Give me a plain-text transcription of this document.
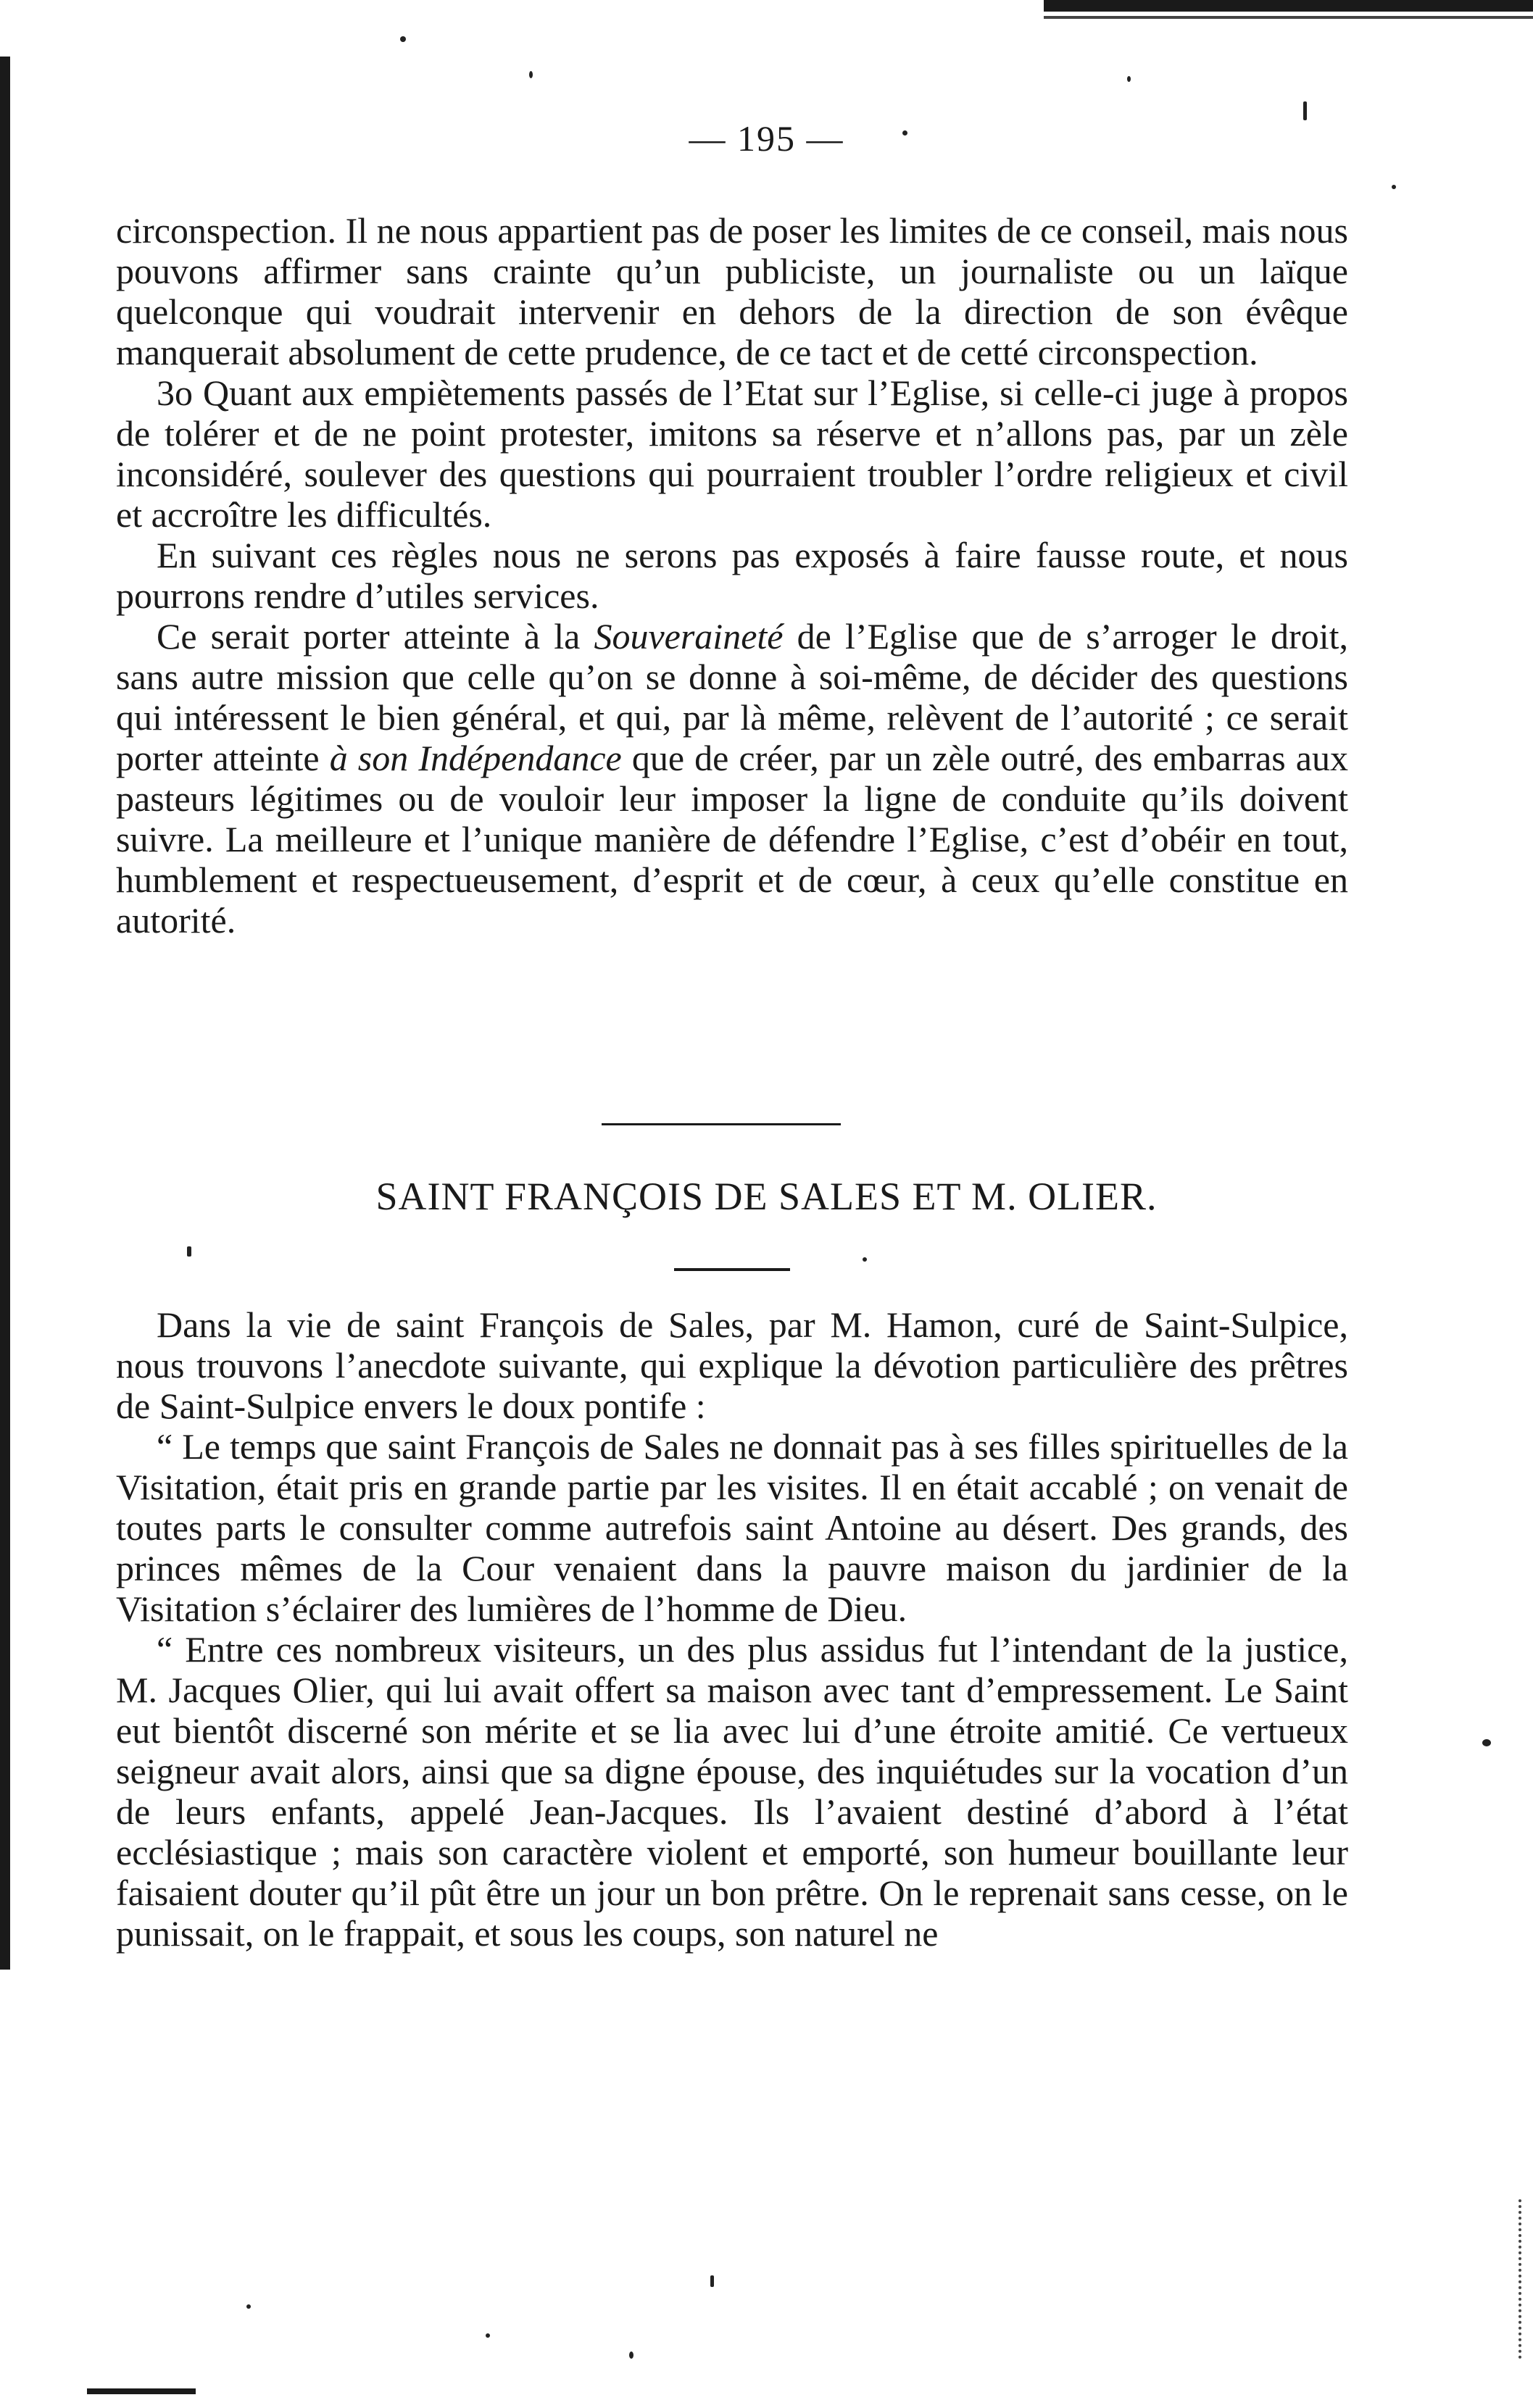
— 195 —

circonspection. Il ne nous appartient pas de poser les limites de ce conseil, mais nous pouvons affirmer sans crainte qu’un publiciste, un journaliste ou un laïque quelconque qui voudrait intervenir en dehors de la direction de son évêque manquerait absolument de cette prudence, de ce tact et de cetté circonspection.

3o Quant aux empiètements passés de l’Etat sur l’Eglise, si celle-ci juge à propos de tolérer et de ne point protester, imitons sa réserve et n’allons pas, par un zèle inconsidéré, soulever des questions qui pourraient troubler l’ordre religieux et civil et accroître les difficultés.

En suivant ces règles nous ne serons pas exposés à faire fausse route, et nous pourrons rendre d’utiles services.

Ce serait porter atteinte à la Souveraineté de l’Eglise que de s’arroger le droit, sans autre mission que celle qu’on se donne à soi-même, de décider des questions qui intéressent le bien général, et qui, par là même, relèvent de l’autorité ; ce serait porter atteinte à son Indépendance que de créer, par un zèle outré, des embarras aux pasteurs légitimes ou de vouloir leur imposer la ligne de conduite qu’ils doivent suivre. La meilleure et l’unique manière de défendre l’Eglise, c’est d’obéir en tout, humblement et respectueusement, d’esprit et de cœur, à ceux qu’elle constitue en autorité.

SAINT FRANÇOIS DE SALES ET M. OLIER.

Dans la vie de saint François de Sales, par M. Hamon, curé de Saint-Sulpice, nous trouvons l’anecdote suivante, qui explique la dévotion particulière des prêtres de Saint-Sulpice envers le doux pontife :

“ Le temps que saint François de Sales ne donnait pas à ses filles spirituelles de la Visitation, était pris en grande partie par les visites. Il en était accablé ; on venait de toutes parts le consulter comme autrefois saint Antoine au désert. Des grands, des princes mêmes de la Cour venaient dans la pauvre maison du jardinier de la Visitation s’éclairer des lumières de l’homme de Dieu.

“ Entre ces nombreux visiteurs, un des plus assidus fut l’intendant de la justice, M. Jacques Olier, qui lui avait offert sa maison avec tant d’empressement. Le Saint eut bientôt discerné son mérite et se lia avec lui d’une étroite amitié. Ce vertueux seigneur avait alors, ainsi que sa digne épouse, des inquiétudes sur la vocation d’un de leurs enfants, appelé Jean-Jacques. Ils l’avaient destiné d’abord à l’état ecclésiastique ; mais son caractère violent et emporté, son humeur bouillante leur faisaient douter qu’il pût être un jour un bon prêtre. On le reprenait sans cesse, on le punissait, on le frappait, et sous les coups, son naturel ne
